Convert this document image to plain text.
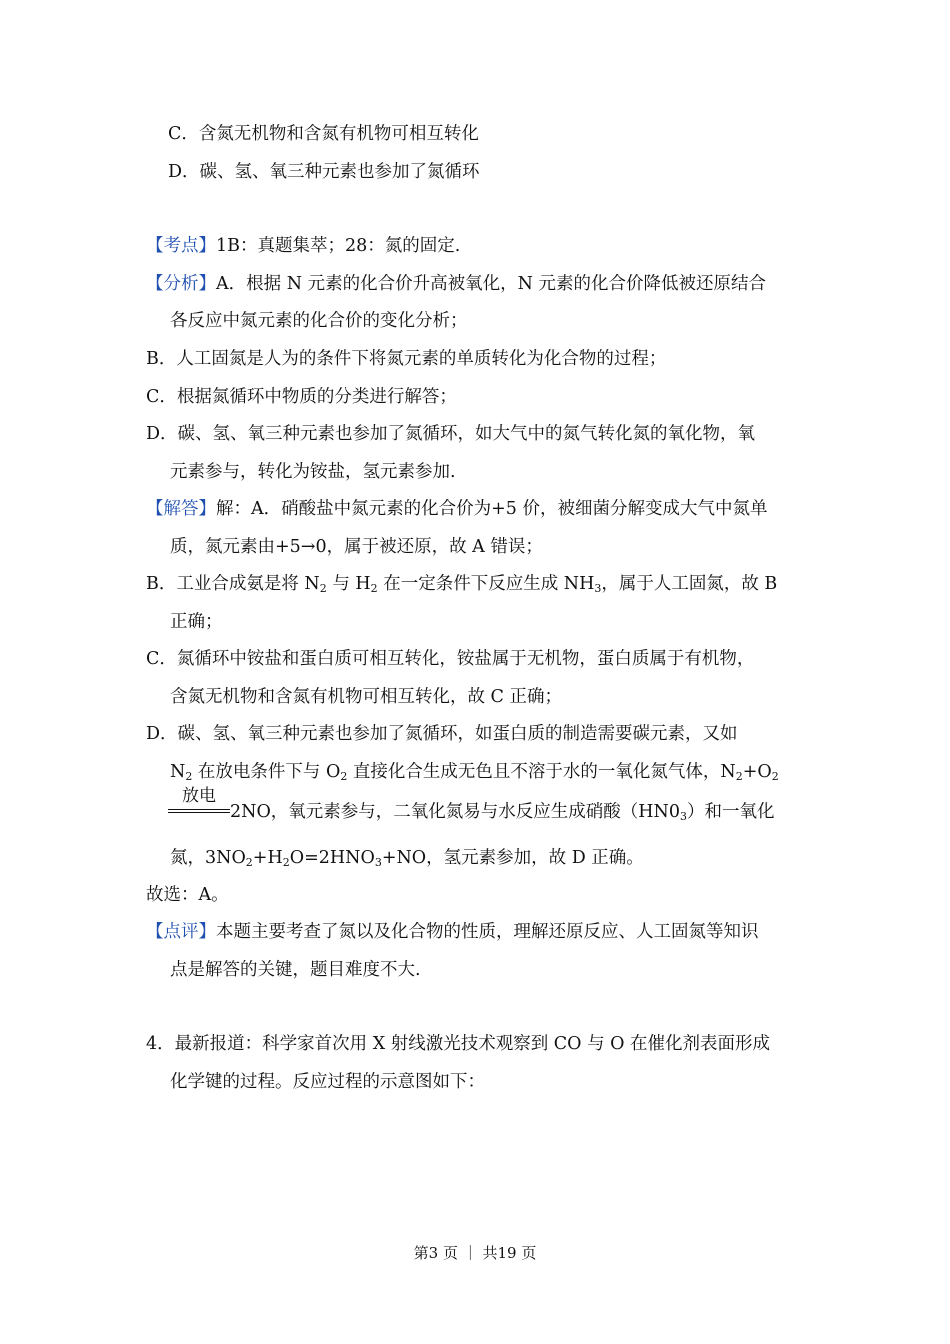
C．含氮无机物和含氮有机物可相互转化
D．碳、氢、氧三种元素也参加了氮循环
【考点】1B：真题集萃；28：氮的固定.
【分析】A．根据 N 元素的化合价升高被氧化，N 元素的化合价降低被还原结合
各反应中氮元素的化合价的变化分析；
B．人工固氮是人为的条件下将氮元素的单质转化为化合物的过程；
C．根据氮循环中物质的分类进行解答；
D．碳、氢、氧三种元素也参加了氮循环，如大气中的氮气转化氮的氧化物，氧
元素参与，转化为铵盐，氢元素参加.
【解答】解：A．硝酸盐中氮元素的化合价为+5 价，被细菌分解变成大气中氮单
质，氮元素由+5→0，属于被还原，故 A 错误；
B．工业合成氨是将 $N_2$ 与 $H_2$ 在一定条件下反应生成 $NH_3$，属于人工固氮，故 B
正确；
C．氮循环中铵盐和蛋白质可相互转化，铵盐属于无机物，蛋白质属于有机物，
含氮无机物和含氮有机物可相互转化，故 C 正确；
D．碳、氢、氧三种元素也参加了氮循环，如蛋白质的制造需要碳元素，又如
$N_2$ 在放电条件下与 $O_2$ 直接化合生成无色且不溶于水的一氧化氮气体，$N_2+O_2$
放电
2NO，氧元素参与，二氧化氮易与水反应生成硝酸$(HN0_3)$和一氧化
氮，$3NO_2+H_2O=2HNO_3+NO$，氢元素参加，故 D 正确。
故选：A。
【点评】本题主要考查了氮以及化合物的性质，理解还原反应、人工固氮等知识
点是解答的关键，题目难度不大.
4．最新报道：科学家首次用 X 射线激光技术观察到 CO 与 O 在催化剂表面形成
化学键的过程。反应过程的示意图如下：
第3 页 ｜ 共19 页
